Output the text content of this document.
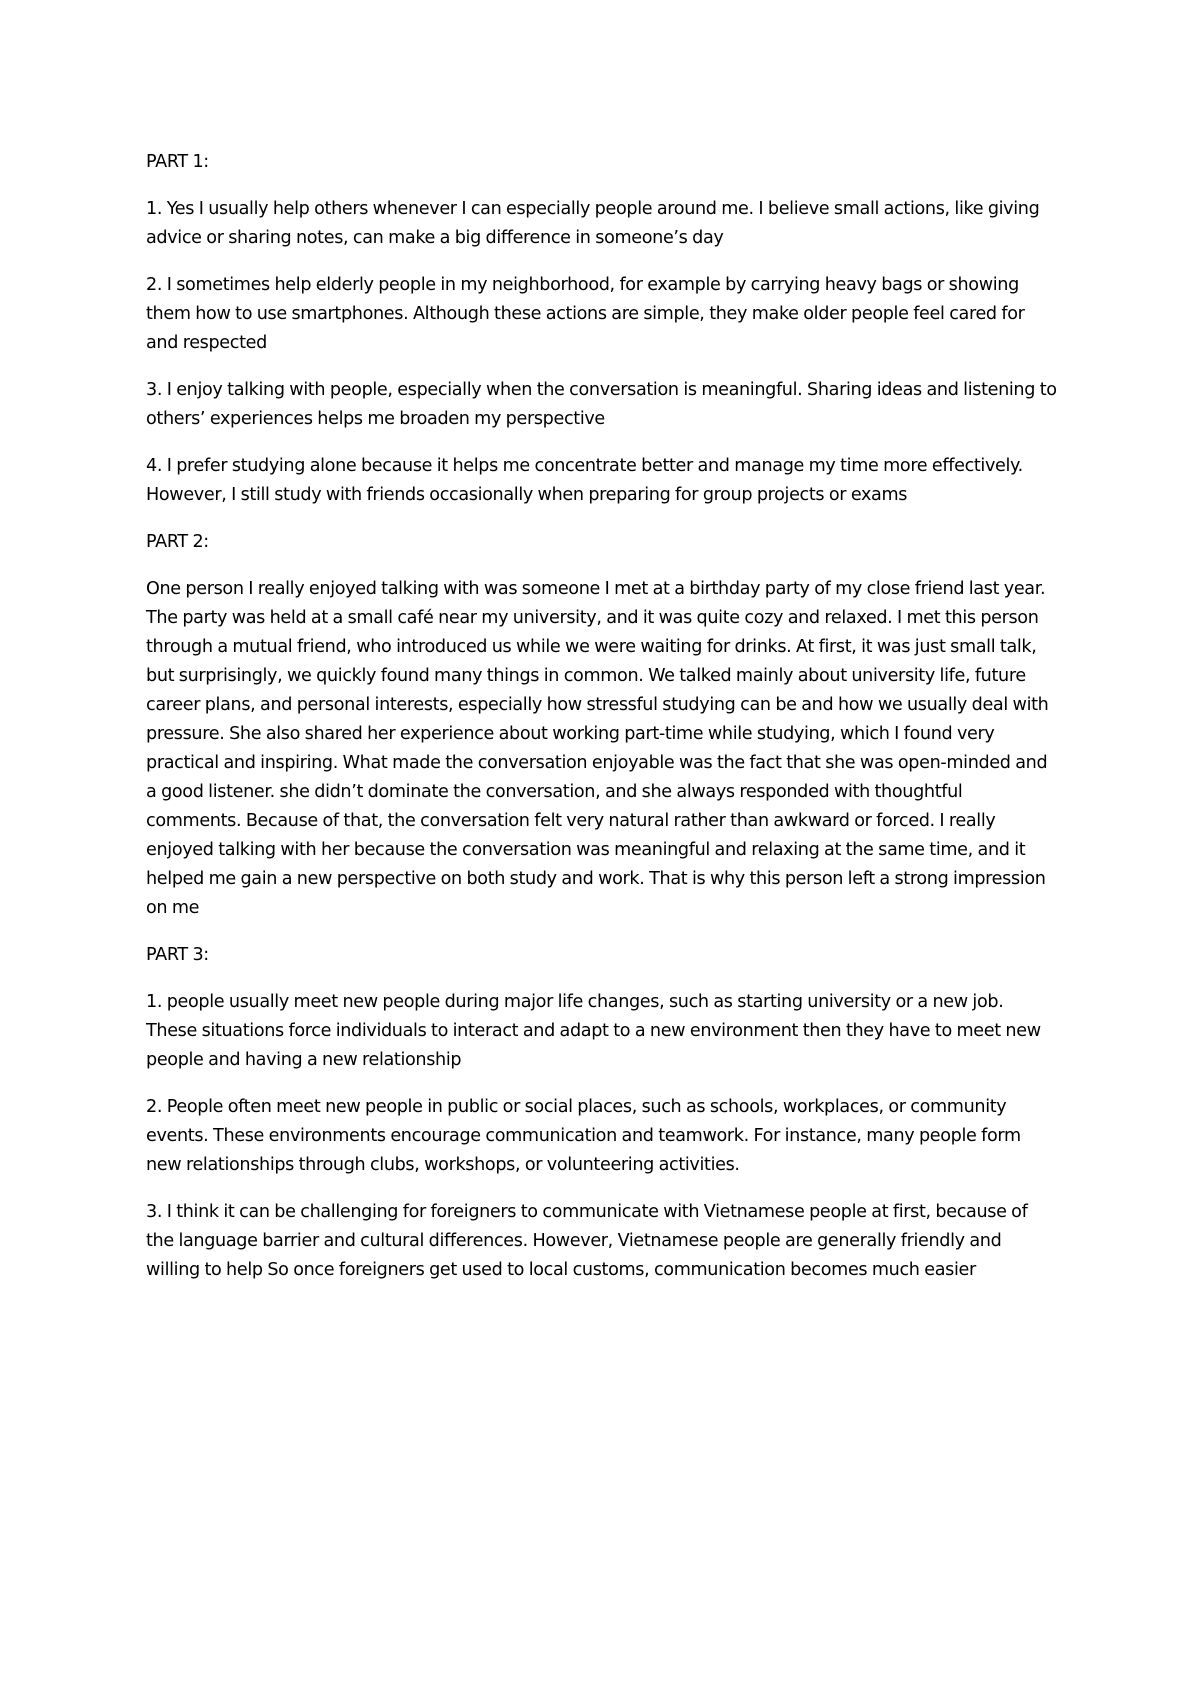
PART 1:

1. Yes I usually help others whenever I can especially people around me. I believe small actions, like giving advice or sharing notes, can make a big difference in someone’s day

2. I sometimes help elderly people in my neighborhood, for example by carrying heavy bags or showing them how to use smartphones. Although these actions are simple, they make older people feel cared for and respected

3. I enjoy talking with people, especially when the conversation is meaningful. Sharing ideas and listening to others’ experiences helps me broaden my perspective

4. I prefer studying alone because it helps me concentrate better and manage my time more effectively. However, I still study with friends occasionally when preparing for group projects or exams

PART 2:

One person I really enjoyed talking with was someone I met at a birthday party of my close friend last year. The party was held at a small café near my university, and it was quite cozy and relaxed. I met this person through a mutual friend, who introduced us while we were waiting for drinks. At first, it was just small talk, but surprisingly, we quickly found many things in common. We talked mainly about university life, future career plans, and personal interests, especially how stressful studying can be and how we usually deal with pressure. She also shared her experience about working part-time while studying, which I found very practical and inspiring. What made the conversation enjoyable was the fact that she was open-minded and a good listener. she didn’t dominate the conversation, and she always responded with thoughtful comments. Because of that, the conversation felt very natural rather than awkward or forced. I really enjoyed talking with her because the conversation was meaningful and relaxing at the same time, and it helped me gain a new perspective on both study and work. That is why this person left a strong impression on me

PART 3:

1. people usually meet new people during major life changes, such as starting university or a new job. These situations force individuals to interact and adapt to a new environment then they have to meet new people and having a new relationship

2. People often meet new people in public or social places, such as schools, workplaces, or community events. These environments encourage communication and teamwork. For instance, many people form new relationships through clubs, workshops, or volunteering activities.

3. I think it can be challenging for foreigners to communicate with Vietnamese people at first, because of the language barrier and cultural differences. However, Vietnamese people are generally friendly and willing to help So once foreigners get used to local customs, communication becomes much easier
